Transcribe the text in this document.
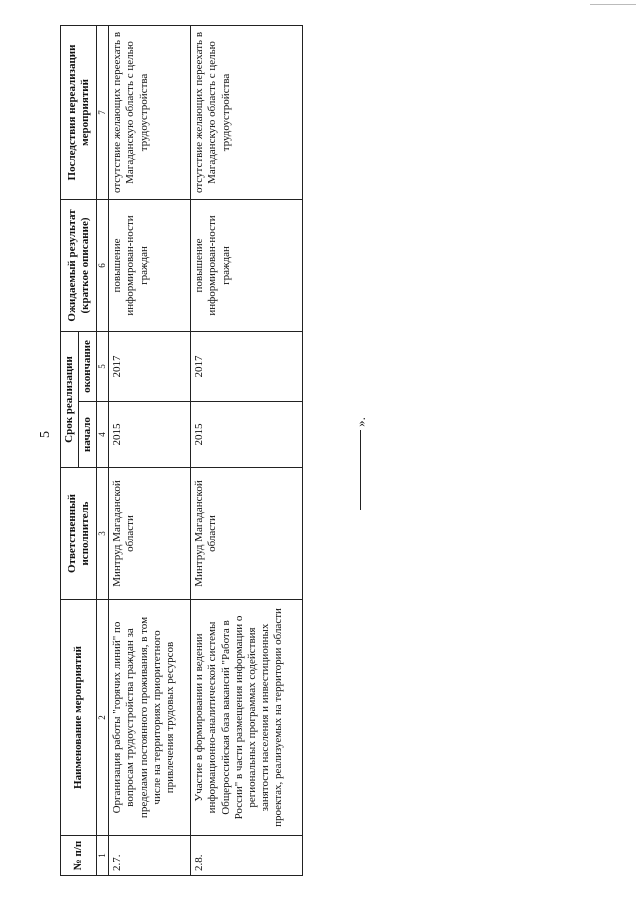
5
№ п/п	Наименование мероприятий	Ответственный исполнитель	Срок реализации		Ожидаемый результат (краткое описание)	Последствия нереализации мероприятий
			начало	окончание		
1	2	3	4	5	6	7
2.7.	Организация работы "горячих линий" по вопросам трудоустройства граждан за пределами постоянного проживания, в том числе на территориях приоритетного привлечения трудовых ресурсов	Минтруд Магаданской области	2015	2017	повышение информирован-ности граждан	отсутствие желающих переехать в Магаданскую область с целью трудоустройства
2.8.	Участие в формировании и ведении информационно-аналитической системы Общероссийская база вакансий "Работа в России" в части размещения информации о региональных программах содействия занятости населения и инвестиционных проектах, реализуемых на территории области	Минтруд Магаданской области	2015	2017	повышение информирован-ности граждан	отсутствие желающих переехать в Магаданскую область с целью трудоустройства
».
